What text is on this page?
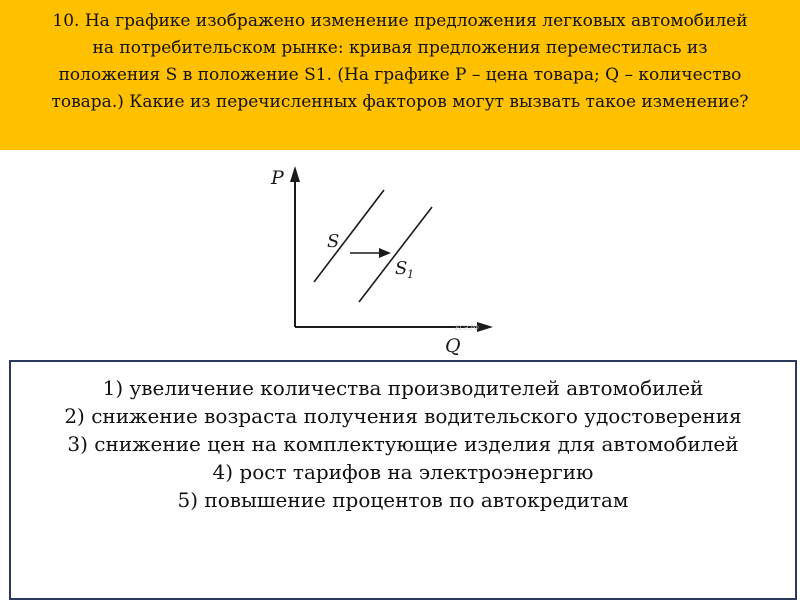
10. На графике изображено изменение предложения легковых автомобилей на потребительском рынке: кривая предложения переместилась из положения S в положение S1. (На графике P – цена товара; Q – количество товара.) Какие из перечисленных факторов могут вызвать такое изменение?
P
Q
S
S 1
ЕГЭ.РФ
1) увеличение количества производителей автомобилей
2) снижение возраста получения водительского удостоверения
3) снижение цен на комплектующие изделия для автомобилей
4) рост тарифов на электроэнергию
5) повышение процентов по автокредитам
